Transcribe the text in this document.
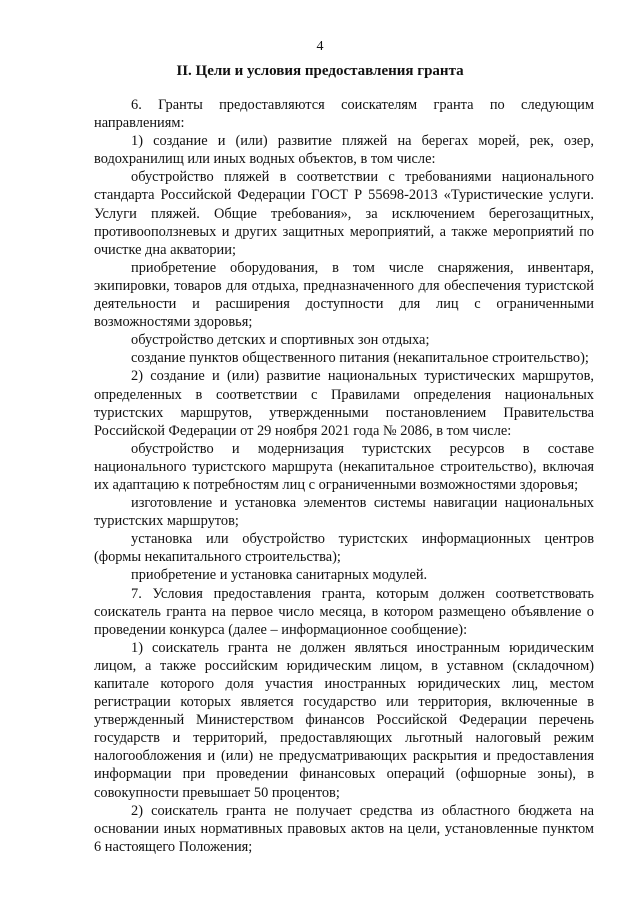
4
II. Цели и условия предоставления гранта

6. Гранты предоставляются соискателям гранта по следующим направлениям:

1) создание и (или) развитие пляжей на берегах морей, рек, озер, водохранилищ или иных водных объектов, в том числе:

обустройство пляжей в соответствии с требованиями национального стандарта Российской Федерации ГОСТ Р 55698-2013 «Туристические услуги. Услуги пляжей. Общие требования», за исключением берегозащитных, противооползневых и других защитных мероприятий, а также мероприятий по очистке дна акватории;

приобретение оборудования, в том числе снаряжения, инвентаря, экипировки, товаров для отдыха, предназначенного для обеспечения туристской деятельности и расширения доступности для лиц с ограниченными возможностями здоровья;

обустройство детских и спортивных зон отдыха;

создание пунктов общественного питания (некапитальное строительство);

2) создание и (или) развитие национальных туристических маршрутов, определенных в соответствии с Правилами определения национальных туристских маршрутов, утвержденными постановлением Правительства Российской Федерации от 29 ноября 2021 года № 2086, в том числе:

обустройство и модернизация туристских ресурсов в составе национального туристского маршрута (некапитальное строительство), включая их адаптацию к потребностям лиц с ограниченными возможностями здоровья;

изготовление и установка элементов системы навигации национальных туристских маршрутов;

установка или обустройство туристских информационных центров (формы некапитального строительства);

приобретение и установка санитарных модулей.

7. Условия предоставления гранта, которым должен соответствовать соискатель гранта на первое число месяца, в котором размещено объявление о проведении конкурса (далее – информационное сообщение):

1) соискатель гранта не должен являться иностранным юридическим лицом, а также российским юридическим лицом, в уставном (складочном) капитале которого доля участия иностранных юридических лиц, местом регистрации которых является государство или территория, включенные в утвержденный Министерством финансов Российской Федерации перечень государств и территорий, предоставляющих льготный налоговый режим налогообложения и (или) не предусматривающих раскрытия и предоставления информации при проведении финансовых операций (офшорные зоны), в совокупности превышает 50 процентов;

2) соискатель гранта не получает средства из областного бюджета на основании иных нормативных правовых актов на цели, установленные пунктом 6 настоящего Положения;
